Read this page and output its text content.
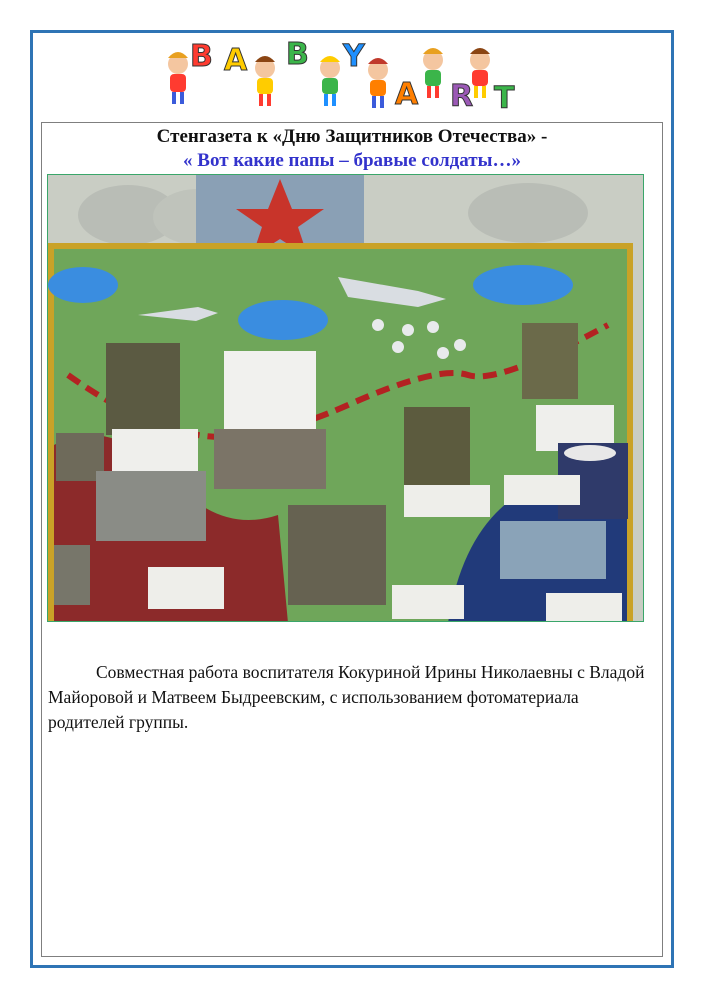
B A B Y
A R T
Стенгазета к «Дню Защитников Отечества» -
« Вот какие папы – бравые солдаты…»
Совместная работа воспитателя Кокуриной Ирины Николаевны с Владой Майоровой и Матвеем Быдреевским, с использованием фотоматериала родителей группы.
